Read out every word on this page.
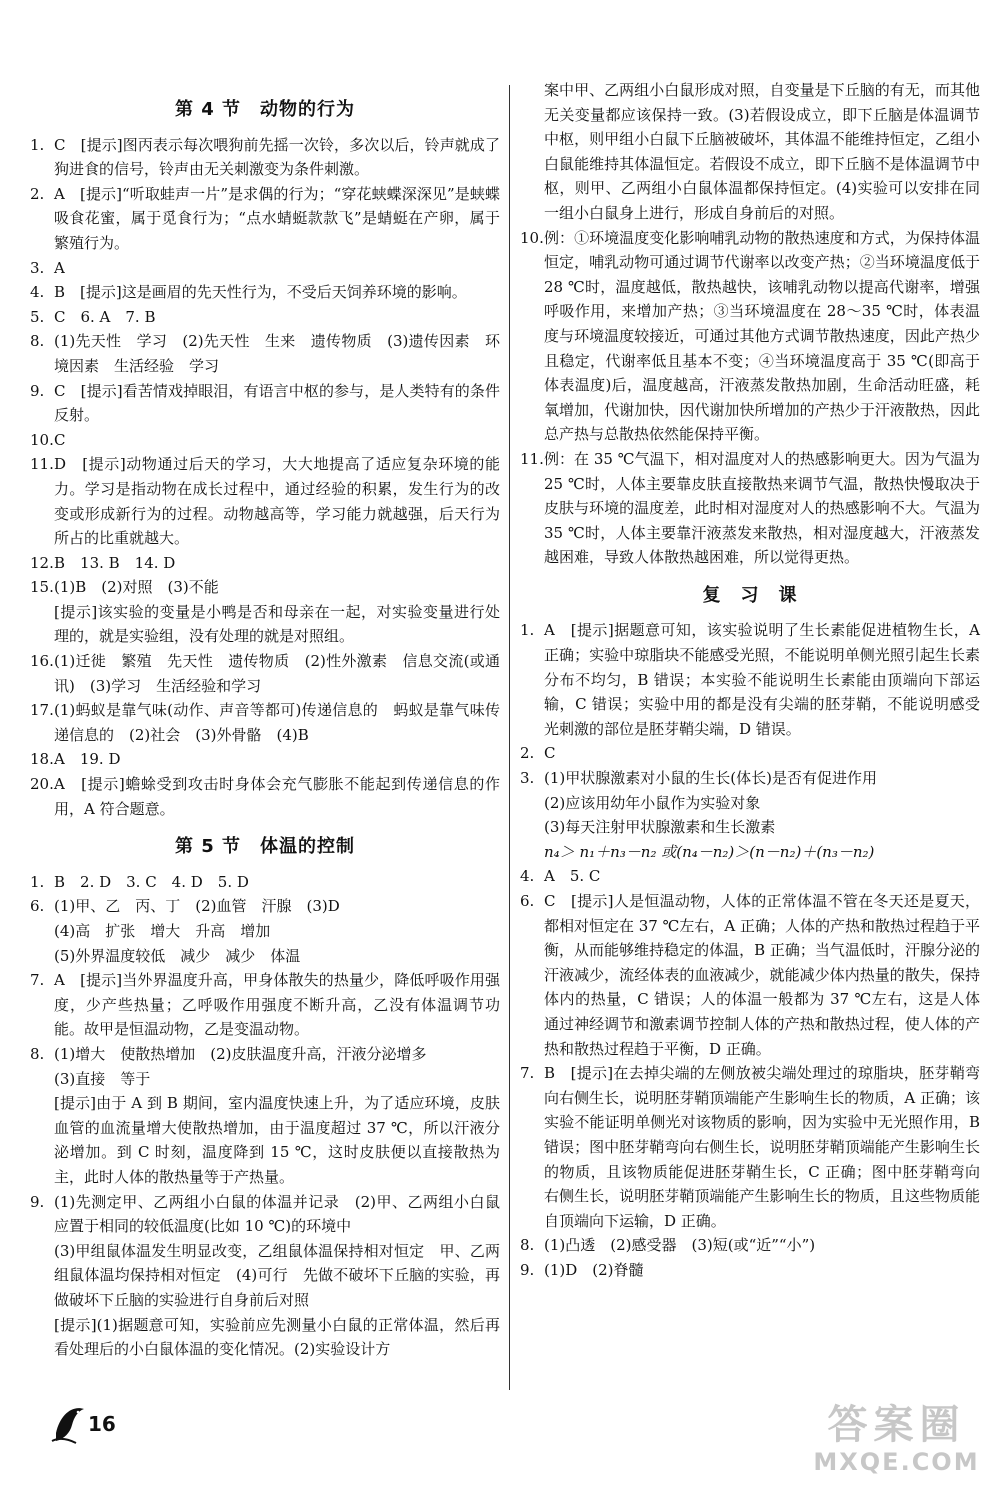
第 4 节　动物的行为
1. C　[提示]图丙表示每次喂狗前先摇一次铃，多次以后，铃声就成了狗进食的信号，铃声由无关刺激变为条件刺激。
2. A　[提示]“听取蛙声一片”是求偶的行为；“穿花蛱蝶深深见”是蛱蝶吸食花蜜，属于觅食行为；“点水蜻蜓款款飞”是蜻蜓在产卵，属于繁殖行为。
3. A
4. B　[提示]这是画眉的先天性行为，不受后天饲养环境的影响。
5. C　6. A　7. B
8. (1)先天性　学习　(2)先天性　生来　遗传物质　(3)遗传因素　环境因素　生活经验　学习
9. C　[提示]看苦情戏掉眼泪，有语言中枢的参与，是人类特有的条件反射。
10. C
11. D　[提示]动物通过后天的学习，大大地提高了适应复杂环境的能力。学习是指动物在成长过程中，通过经验的积累，发生行为的改变或形成新行为的过程。动物越高等，学习能力就越强，后天行为所占的比重就越大。
12. B　13. B　14. D
15. (1)B　(2)对照　(3)不能
[提示]该实验的变量是小鸭是否和母亲在一起，对实验变量进行处理的，就是实验组，没有处理的就是对照组。
16. (1)迁徙　繁殖　先天性　遗传物质　(2)性外激素　信息交流(或通讯)　(3)学习　生活经验和学习
17. (1)蚂蚁是靠气味(动作、声音等都可)传递信息的　蚂蚁是靠气味传递信息的　(2)社会　(3)外骨骼　(4)B
18. A　19. D
20. A　[提示]蟾蜍受到攻击时身体会充气膨胀不能起到传递信息的作用，A 符合题意。
第 5 节　体温的控制
1. B　2. D　3. C　4. D　5. D
6. (1)甲、乙　丙、丁　(2)血管　汗腺　(3)D
(4)高　扩张　增大　升高　增加
(5)外界温度较低　减少　减少　体温
7. A　[提示]当外界温度升高，甲身体散失的热量少，降低呼吸作用强度，少产些热量；乙呼吸作用强度不断升高，乙没有体温调节功能。故甲是恒温动物，乙是变温动物。
8. (1)增大　使散热增加　(2)皮肤温度升高，汗液分泌增多
(3)直接　等于
[提示]由于 A 到 B 期间，室内温度快速上升，为了适应环境，皮肤血管的血流量增大使散热增加，由于温度超过 37 ℃，所以汗液分泌增加。到 C 时刻，温度降到 15 ℃，这时皮肤便以直接散热为主，此时人体的散热量等于产热量。
9. (1)先测定甲、乙两组小白鼠的体温并记录　(2)甲、乙两组小白鼠应置于相同的较低温度(比如 10 ℃)的环境中
(3)甲组鼠体温发生明显改变，乙组鼠体温保持相对恒定　甲、乙两组鼠体温均保持相对恒定　(4)可行　先做不破坏下丘脑的实验，再做破坏下丘脑的实验进行自身前后对照
[提示](1)据题意可知，实验前应先测量小白鼠的正常体温，然后再看处理后的小白鼠体温的变化情况。(2)实验设计方
案中甲、乙两组小白鼠形成对照，自变量是下丘脑的有无，而其他无关变量都应该保持一致。(3)若假设成立，即下丘脑是体温调节中枢，则甲组小白鼠下丘脑被破坏，其体温不能维持恒定，乙组小白鼠能维持其体温恒定。若假设不成立，即下丘脑不是体温调节中枢，则甲、乙两组小白鼠体温都保持恒定。(4)实验可以安排在同一组小白鼠身上进行，形成自身前后的对照。
10. 例：①环境温度变化影响哺乳动物的散热速度和方式，为保持体温恒定，哺乳动物可通过调节代谢率以改变产热；②当环境温度低于 28 ℃时，温度越低，散热越快，该哺乳动物以提高代谢率，增强呼吸作用，来增加产热；③当环境温度在 28～35 ℃时，体表温度与环境温度较接近，可通过其他方式调节散热速度，因此产热少且稳定，代谢率低且基本不变；④当环境温度高于 35 ℃(即高于体表温度)后，温度越高，汗液蒸发散热加剧，生命活动旺盛，耗氧增加，代谢加快，因代谢加快所增加的产热少于汗液散热，因此总产热与总散热依然能保持平衡。
11. 例：在 35 ℃气温下，相对温度对人的热感影响更大。因为气温为 25 ℃时，人体主要靠皮肤直接散热来调节气温，散热快慢取决于皮肤与环境的温度差，此时相对湿度对人的热感影响不大。气温为 35 ℃时，人体主要靠汗液蒸发来散热，相对湿度越大，汗液蒸发越困难，导致人体散热越困难，所以觉得更热。
复　习　课
1. A　[提示]据题意可知，该实验说明了生长素能促进植物生长，A 正确；实验中琼脂块不能感受光照，不能说明单侧光照引起生长素分布不均匀，B 错误；本实验不能说明生长素能由顶端向下部运输，C 错误；实验中用的都是没有尖端的胚芽鞘，不能说明感受光刺激的部位是胚芽鞘尖端，D 错误。
2. C
3. (1)甲状腺激素对小鼠的生长(体长)是否有促进作用
(2)应该用幼年小鼠作为实验对象
(3)每天注射甲状腺激素和生长激素
n₄＞ n₁＋n₃－n₂ 或(n₄－n₂)＞(n－n₂)＋(n₃－n₂)
4. A　5. C
6. C　[提示]人是恒温动物，人体的正常体温不管在冬天还是夏天，都相对恒定在 37 ℃左右，A 正确；人体的产热和散热过程趋于平衡，从而能够维持稳定的体温，B 正确；当气温低时，汗腺分泌的汗液减少，流经体表的血液减少，就能减少体内热量的散失，保持体内的热量，C 错误；人的体温一般都为 37 ℃左右，这是人体通过神经调节和激素调节控制人体的产热和散热过程，使人体的产热和散热过程趋于平衡，D 正确。
7. B　[提示]在去掉尖端的左侧放被尖端处理过的琼脂块，胚芽鞘弯向右侧生长，说明胚芽鞘顶端能产生影响生长的物质，A 正确；该实验不能证明单侧光对该物质的影响，因为实验中无光照作用，B 错误；图中胚芽鞘弯向右侧生长，说明胚芽鞘顶端能产生影响生长的物质，且该物质能促进胚芽鞘生长，C 正确；图中胚芽鞘弯向右侧生长，说明胚芽鞘顶端能产生影响生长的物质，且这些物质能自顶端向下运输，D 正确。
8. (1)凸透　(2)感受器　(3)短(或“近”“小”)
9. (1)D　(2)脊髓
16	答案圈
MXQE.COM
